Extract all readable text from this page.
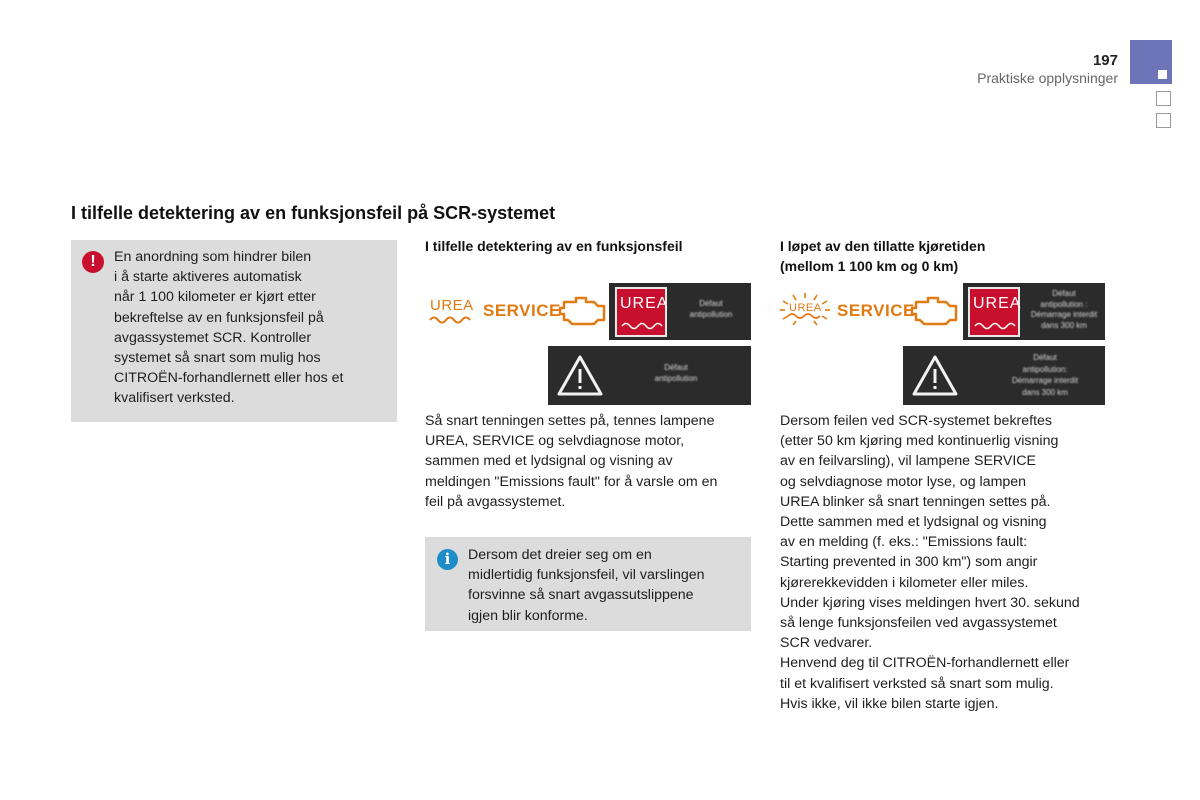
197
Praktiske opplysninger
I tilfelle detektering av en funksjonsfeil på SCR-systemet
!	En anordning som hindrer bilen
i å starte aktiveres automatisk
når 1 100 kilometer er kjørt etter
bekreftelse av en funksjonsfeil på
avgassystemet SCR. Kontroller
systemet så snart som mulig hos
CITROËN-forhandlernett eller hos et
kvalifisert verksted.
I tilfelle detektering av en funksjonsfeil
UREA SERVICE	UREA	Défaut
antipollution
Défaut
antipollution
Så snart tenningen settes på, tennes lampene
UREA, SERVICE og selvdiagnose motor,
sammen med et lydsignal og visning av
meldingen "Emissions fault" for å varsle om en
feil på avgassystemet.
i	Dersom det dreier seg om en
midlertidig funksjonsfeil, vil varslingen
forsvinne så snart avgassutslippene
igjen blir konforme.
I løpet av den tillatte kjøretiden
(mellom 1 100 km og 0 km)
UREA SERVICE	UREA
Défaut
antipollution :
Démarrage interdit
dans 300 km
Défaut
antipollution:
Démarrage interdit
dans 300 km
Dersom feilen ved SCR-systemet bekreftes
(etter 50 km kjøring med kontinuerlig visning
av en feilvarsling), vil lampene SERVICE
og selvdiagnose motor lyse, og lampen
UREA blinker så snart tenningen settes på.
Dette sammen med et lydsignal og visning
av en melding (f. eks.: "Emissions fault:
Starting prevented in 300 km") som angir
kjørerekkevidden i kilometer eller miles.
Under kjøring vises meldingen hvert 30. sekund
så lenge funksjonsfeilen ved avgassystemet
SCR vedvarer.
Henvend deg til CITROËN-forhandlernett eller
til et kvalifisert verksted så snart som mulig.
Hvis ikke, vil ikke bilen starte igjen.
